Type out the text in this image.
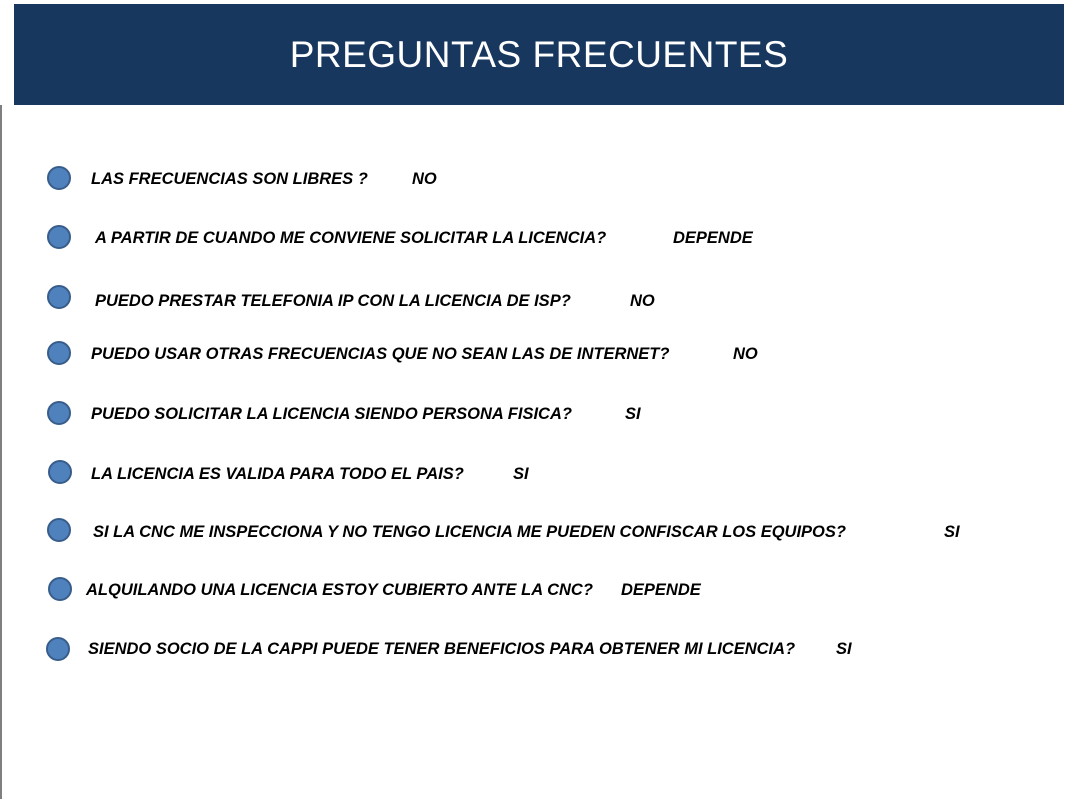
PREGUNTAS FRECUENTES
LAS FRECUENCIAS SON LIBRES ?	NO
A PARTIR DE CUANDO ME CONVIENE SOLICITAR LA LICENCIA?	DEPENDE
PUEDO PRESTAR TELEFONIA IP CON LA LICENCIA DE ISP?	NO
PUEDO USAR OTRAS FRECUENCIAS QUE NO SEAN LAS DE INTERNET?	NO
PUEDO SOLICITAR LA LICENCIA SIENDO PERSONA FISICA?	SI
LA LICENCIA ES VALIDA PARA TODO EL PAIS?	SI
SI LA CNC ME INSPECCIONA Y NO TENGO LICENCIA ME PUEDEN CONFISCAR LOS EQUIPOS?	SI
ALQUILANDO UNA LICENCIA ESTOY CUBIERTO ANTE LA CNC? DEPENDE
SIENDO SOCIO DE LA CAPPI PUEDE TENER BENEFICIOS PARA OBTENER MI LICENCIA? SI
